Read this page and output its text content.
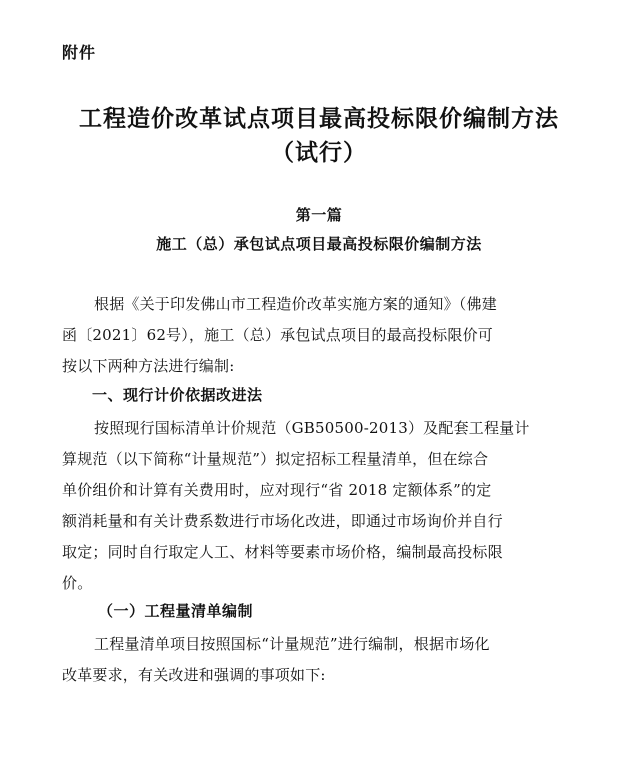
附件
工程造价改革试点项目最高投标限价编制方法
（试行）
第一篇
施工（总）承包试点项目最高投标限价编制方法
根据《关于印发佛山市工程造价改革实施方案的通知》（佛建
函〔2021〕62号），施工（总）承包试点项目的最高投标限价可
按以下两种方法进行编制:
一、现行计价依据改进法
按照现行国标清单计价规范（GB50500-2013）及配套工程量计
算规范（以下简称“计量规范”）拟定招标工程量清单，但在综合
单价组价和计算有关费用时，应对现行“省 2018 定额体系”的定
额消耗量和有关计费系数进行市场化改进，即通过市场询价并自行
取定；同时自行取定人工、材料等要素市场价格，编制最高投标限
价。
（一）工程量清单编制
工程量清单项目按照国标“计量规范”进行编制，根据市场化
改革要求，有关改进和强调的事项如下:
